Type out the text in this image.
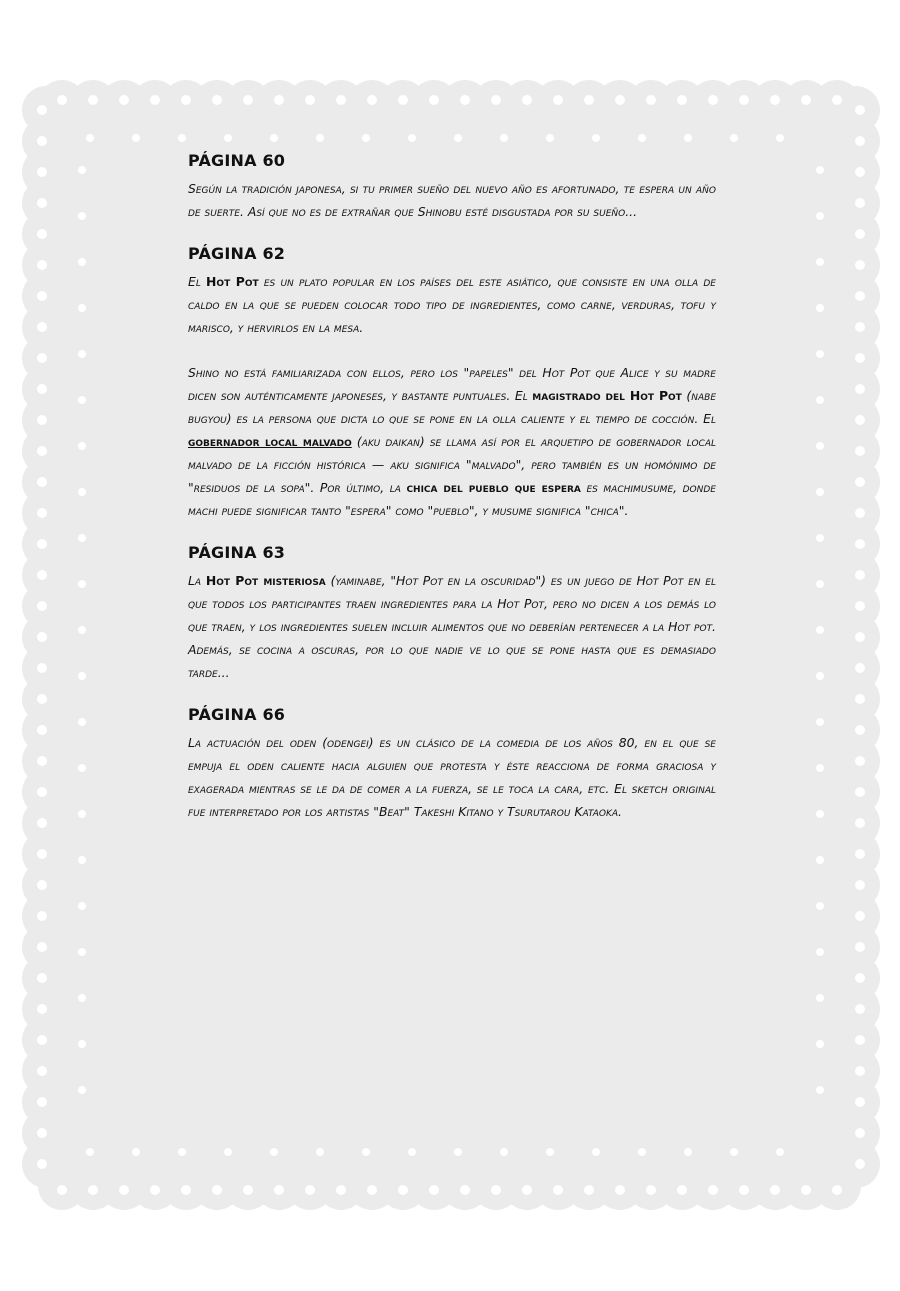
PÁGINA 60

Según la tradición japonesa, si tu primer sueño del nuevo año es afortunado, te espera un año de suerte. Así que no es de extrañar que Shinobu esté disgustada por su sueño...

PÁGINA 62

El Hot Pot es un plato popular en los países del este asiático, que consiste en una olla de caldo en la que se pueden colocar todo tipo de ingredientes, como carne, verduras, tofu y marisco, y hervirlos en la mesa.

Shino no está familiarizada con ellos, pero los "papeles" del Hot Pot que Alice y su madre dicen son auténticamente japoneses, y bastante puntuales. El magistrado del Hot Pot (nabe bugyou) es la persona que dicta lo que se pone en la olla caliente y el tiempo de cocción. El gobernador local malvado (aku daikan) se llama así por el arquetipo de gobernador local malvado de la ficción histórica — aku significa "malvado", pero también es un homónimo de "residuos de la sopa". Por último, la chica del pueblo que espera es machimusume, donde machi puede significar tanto "espera" como "pueblo", y musume significa "chica".

PÁGINA 63

La Hot Pot misteriosa (yaminabe, "Hot Pot en la oscuridad") es un juego de Hot Pot en el que todos los participantes traen ingredientes para la Hot Pot, pero no dicen a los demás lo que traen, y los ingredientes suelen incluir alimentos que no deberían pertenecer a la Hot pot. Además, se cocina a oscuras, por lo que nadie ve lo que se pone hasta que es demasiado tarde...

PÁGINA 66

La actuación del oden (odengei) es un clásico de la comedia de los años 80, en el que se empuja el oden caliente hacia alguien que protesta y éste reacciona de forma graciosa y exagerada mientras se le da de comer a la fuerza, se le toca la cara, etc. El sketch original fue interpretado por los artistas "Beat" Takeshi Kitano y Tsurutarou Kataoka.
